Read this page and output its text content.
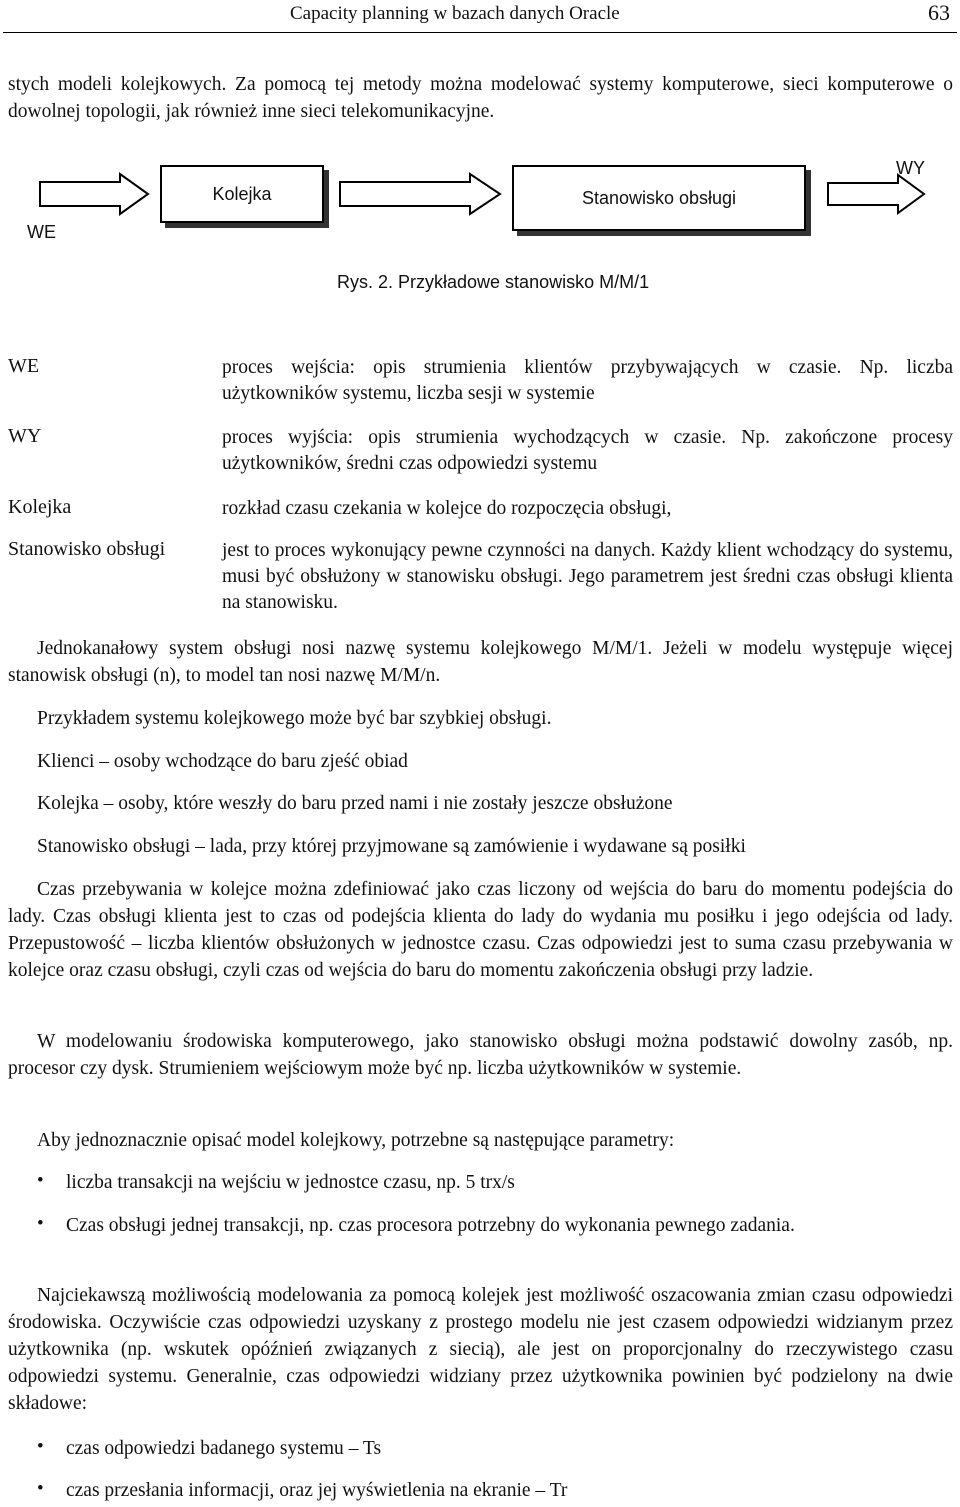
Capacity planning w bazach danych Oracle	63
stych modeli kolejkowych. Za pomocą tej metody można modelować systemy komputerowe, sieci komputerowe o dowolnej topologii, jak również inne sieci telekomunikacyjne.
Kolejka	Stanowisko obsługi
WE
WY
Rys. 2. Przykładowe stanowisko M/M/1
WE	proces wejścia: opis strumienia klientów przybywających w czasie. Np. liczba użytkowników systemu, liczba sesji w systemie
WY	proces wyjścia: opis strumienia wychodzących w czasie. Np. zakończone procesy użytkowników, średni czas odpowiedzi systemu
Kolejka	rozkład czasu czekania w kolejce do rozpoczęcia obsługi,
Stanowisko obsługi	jest to proces wykonujący pewne czynności na danych. Każdy klient wchodzący do systemu, musi być obsłużony w stanowisku obsługi. Jego parametrem jest średni czas obsługi klienta na stanowisku.
Jednokanałowy system obsługi nosi nazwę systemu kolejkowego M/M/1. Jeżeli w modelu występuje więcej stanowisk obsługi (n), to model tan nosi nazwę M/M/n.
Przykładem systemu kolejkowego może być bar szybkiej obsługi.
Klienci – osoby wchodzące do baru zjeść obiad
Kolejka – osoby, które weszły do baru przed nami i nie zostały jeszcze obsłużone
Stanowisko obsługi – lada, przy której przyjmowane są zamówienie i wydawane są posiłki
Czas przebywania w kolejce można zdefiniować jako czas liczony od wejścia do baru do momentu podejścia do lady. Czas obsługi klienta jest to czas od podejścia klienta do lady do wydania mu posiłku i jego odejścia od lady. Przepustowość – liczba klientów obsłużonych w jednostce czasu. Czas odpowiedzi jest to suma czasu przebywania w kolejce oraz czasu obsługi, czyli czas od wejścia do baru do momentu zakończenia obsługi przy ladzie.
W modelowaniu środowiska komputerowego, jako stanowisko obsługi można podstawić dowolny zasób, np. procesor czy dysk. Strumieniem wejściowym może być np. liczba użytkowników w systemie.
Aby jednoznacznie opisać model kolejkowy, potrzebne są następujące parametry:
• liczba transakcji na wejściu w jednostce czasu, np. 5 trx/s
• Czas obsługi jednej transakcji, np. czas procesora potrzebny do wykonania pewnego zadania.
Najciekawszą możliwością modelowania za pomocą kolejek jest możliwość oszacowania zmian czasu odpowiedzi środowiska. Oczywiście czas odpowiedzi uzyskany z prostego modelu nie jest czasem odpowiedzi widzianym przez użytkownika (np. wskutek opóźnień związanych z siecią), ale jest on proporcjonalny do rzeczywistego czasu odpowiedzi systemu. Generalnie, czas odpowiedzi widziany przez użytkownika powinien być podzielony na dwie składowe:
• czas odpowiedzi badanego systemu – Ts
• czas przesłania informacji, oraz jej wyświetlenia na ekranie – Tr
